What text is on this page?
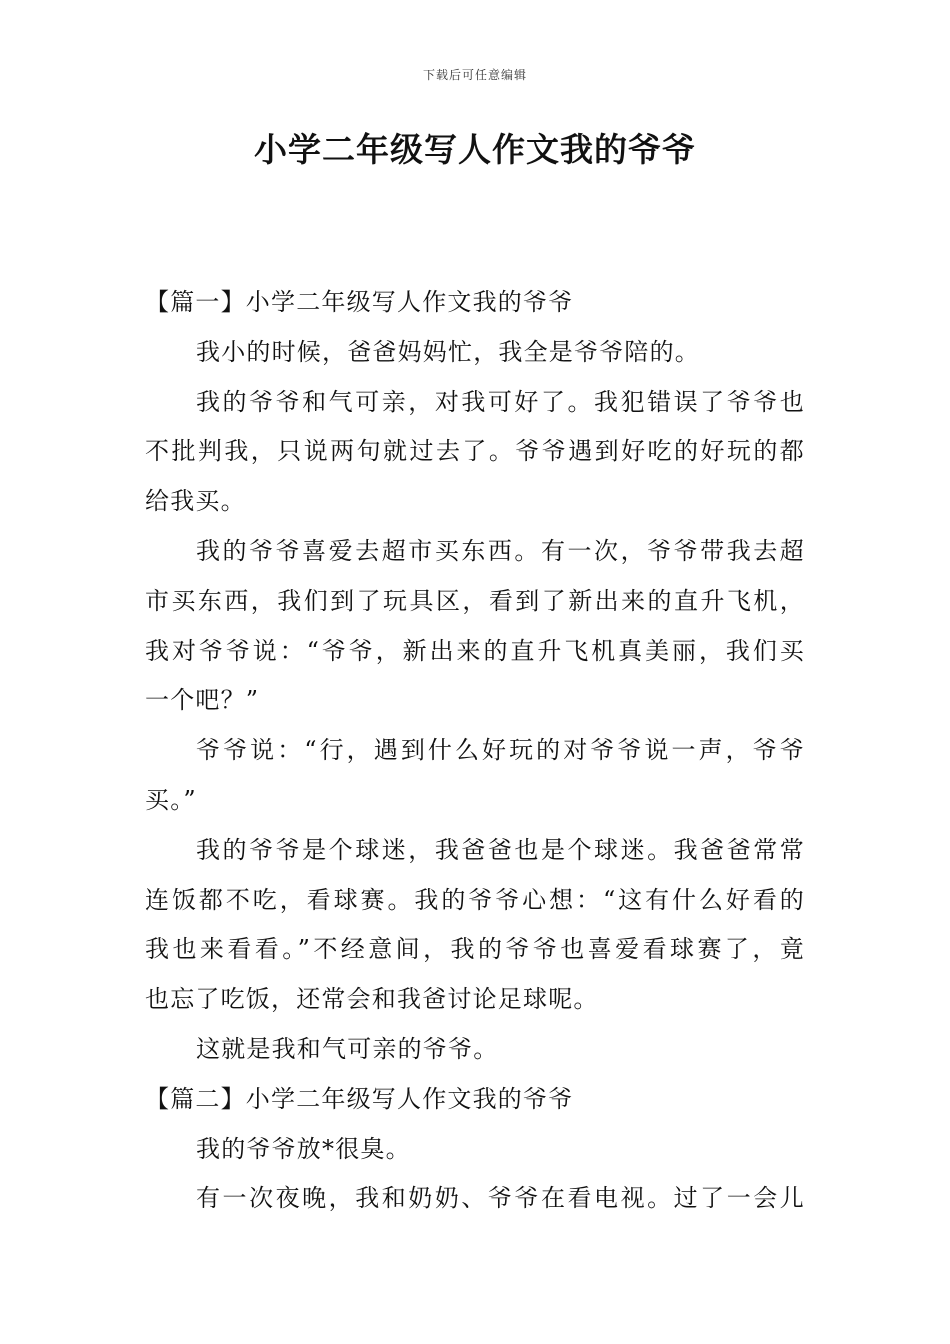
下载后可任意编辑
小学二年级写人作文我的爷爷
【篇一】小学二年级写人作文我的爷爷
我小的时候，爸爸妈妈忙，我全是爷爷陪的。
我的爷爷和气可亲，对我可好了。我犯错误了爷爷也
不批判我，只说两句就过去了。爷爷遇到好吃的好玩的都
给我买。
我的爷爷喜爱去超市买东西。有一次，爷爷带我去超
市买东西，我们到了玩具区，看到了新出来的直升飞机，
我对爷爷说：“爷爷，新出来的直升飞机真美丽，我们买
一个吧？”
爷爷说：“行，遇到什么好玩的对爷爷说一声，爷爷
买。”
我的爷爷是个球迷，我爸爸也是个球迷。我爸爸常常
连饭都不吃，看球赛。我的爷爷心想：“这有什么好看的
我也来看看。”不经意间，我的爷爷也喜爱看球赛了，竟
也忘了吃饭，还常会和我爸讨论足球呢。
这就是我和气可亲的爷爷。
【篇二】小学二年级写人作文我的爷爷
我的爷爷放*很臭。
有一次夜晚，我和奶奶、爷爷在看电视。过了一会儿
